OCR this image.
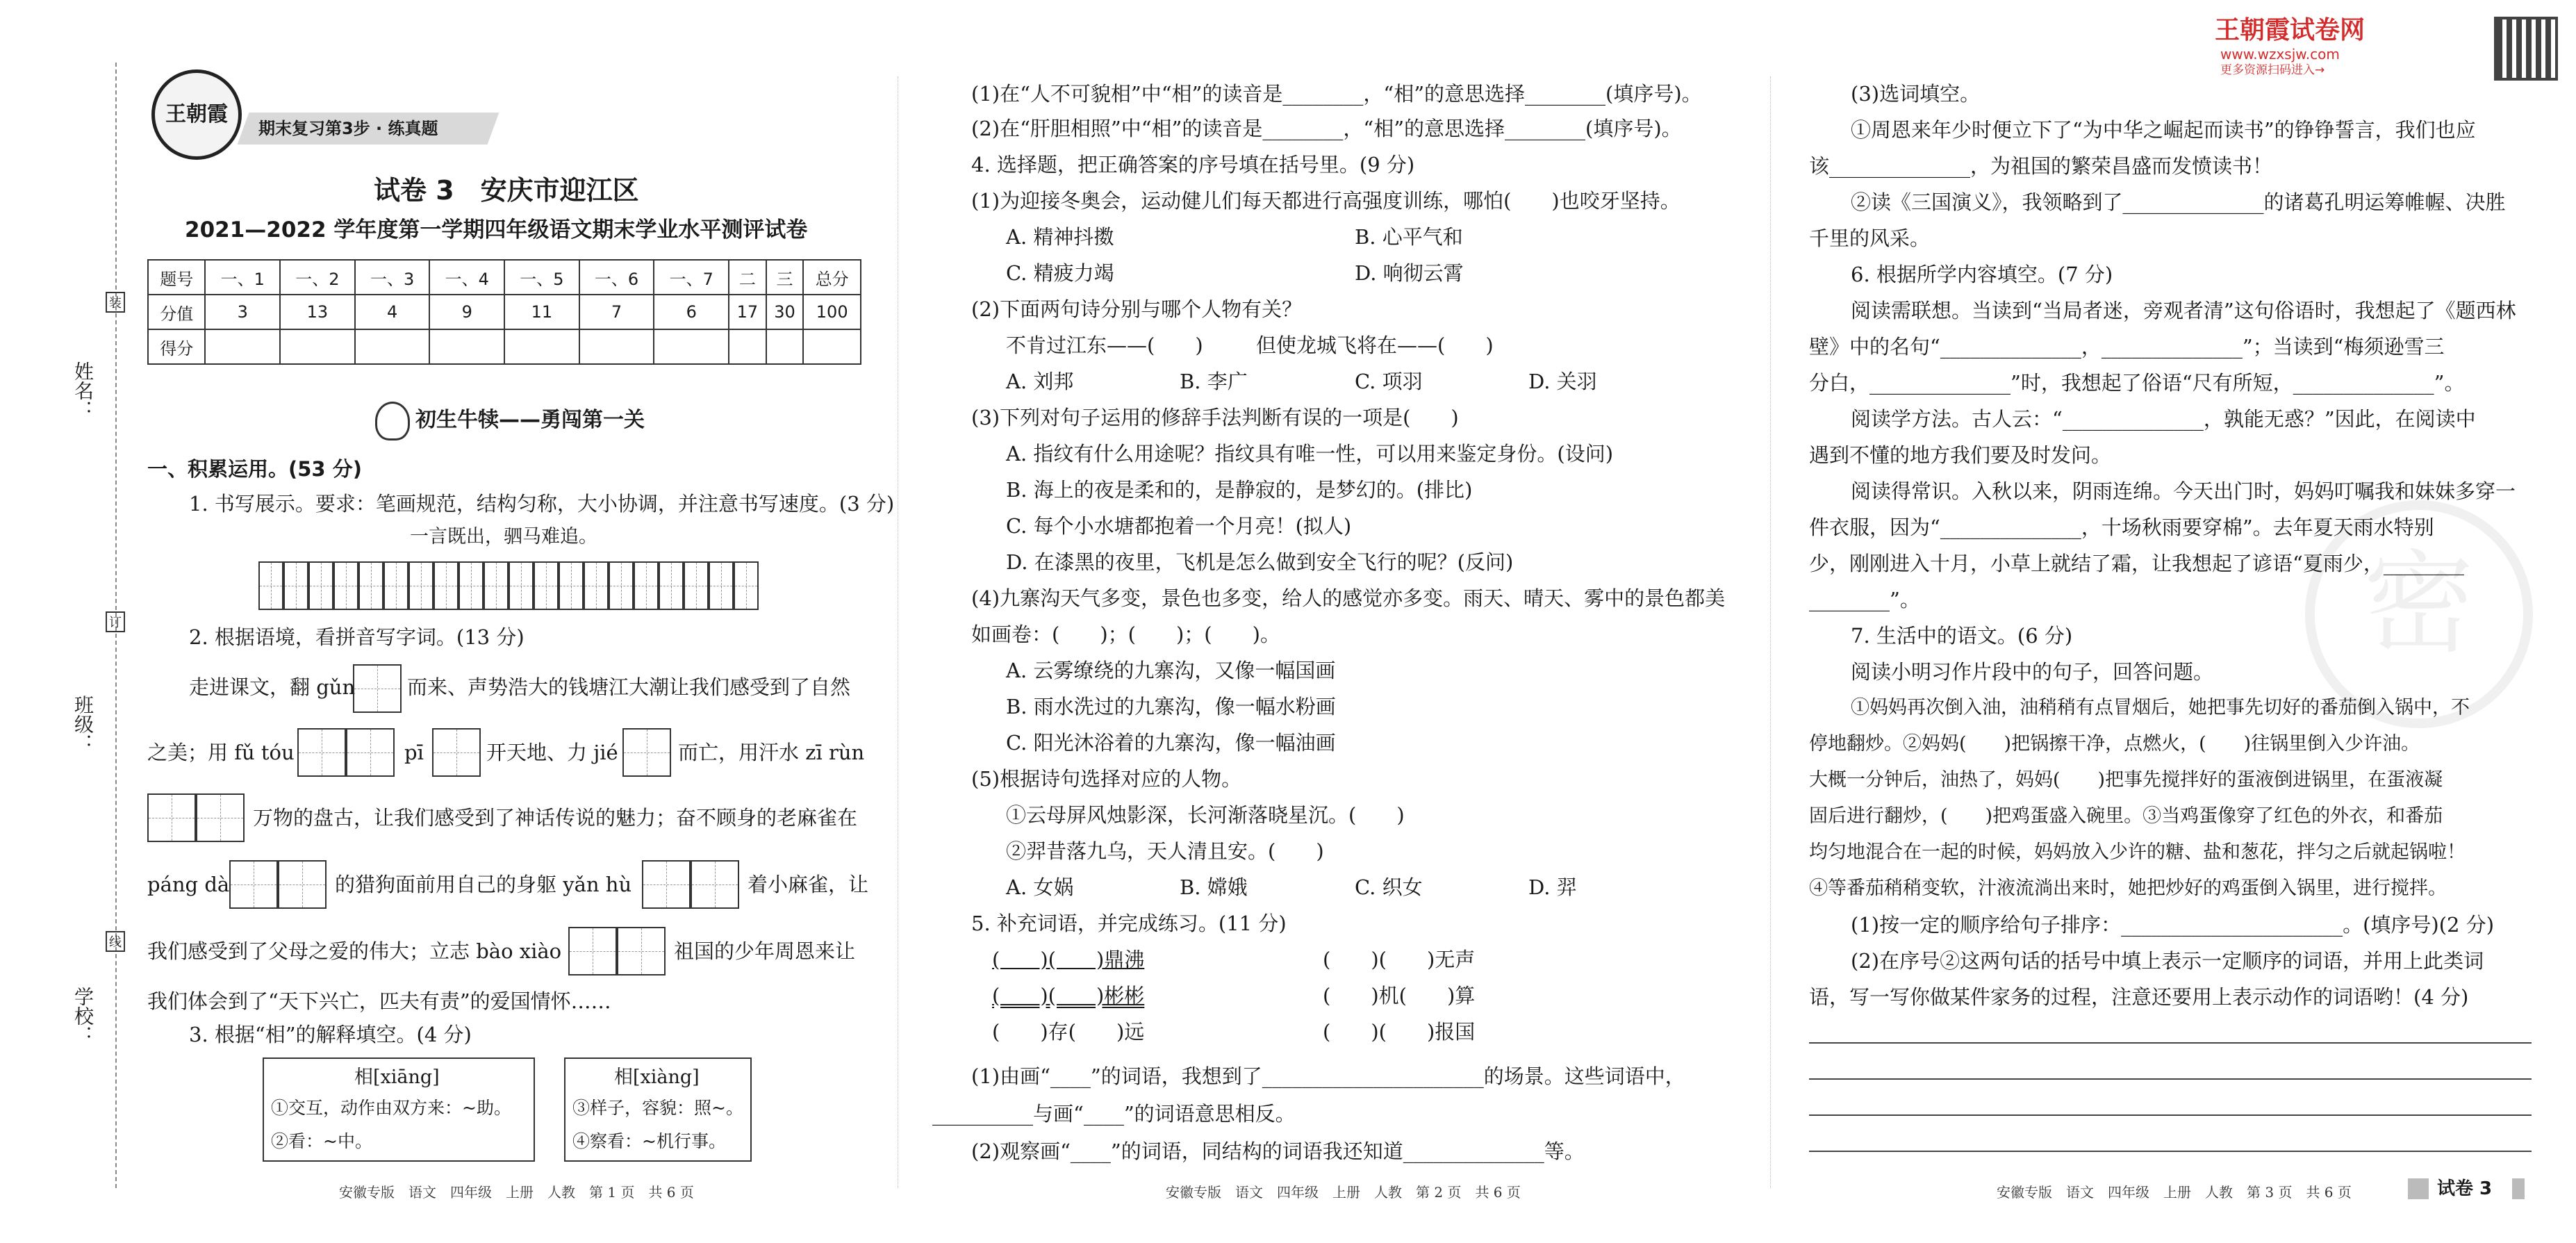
姓名：
班级：
学校：
装
订
线
王朝霞
期末复习第3步 · 练真题
试卷 3　安庆市迎江区
2021—2022 学年度第一学期四年级语文期末学业水平测评试卷
题号	一、1	一、2	一、3	一、4	一、5	一、6	一、7	二	三	总分
分值	3	13	4	9	11	7	6	17	30	100
得分										
初生牛犊——勇闯第一关
一、积累运用。(53 分)
1. 书写展示。要求：笔画规范，结构匀称，大小协调，并注意书写速度。(3 分)
一言既出，驷马难追。
2. 根据语境，看拼音写字词。(13 分)
走进课文，翻 gǔn	而来、声势浩大的钱塘江大潮让我们感受到了自然
之美；用 fǔ tóu	pī	开天地、力 jié	而亡，用汗水 zī rùn
万物的盘古，让我们感受到了神话传说的魅力；奋不顾身的老麻雀在
páng dà	的猎狗面前用自己的身躯 yǎn hù	着小麻雀，让
我们感受到了父母之爱的伟大；立志 bào xiào	祖国的少年周恩来让
我们体会到了“天下兴亡，匹夫有责”的爱国情怀……
3. 根据“相”的解释填空。(4 分)
相[xiāng]
①交互，动作由双方来：~助。
②看：~中。
相[xiàng]
③样子，容貌：照~。
④察看：~机行事。
安徽专版　语文　四年级　上册　人教　第 1 页　共 6 页
(1)在“人不可貌相”中“相”的读音是________，“相”的意思选择________(填序号)。
(2)在“肝胆相照”中“相”的读音是________，“相”的意思选择________(填序号)。
4. 选择题，把正确答案的序号填在括号里。(9 分)
(1)为迎接冬奥会，运动健儿们每天都进行高强度训练，哪怕(　　)也咬牙坚持。
A. 精神抖擞	B. 心平气和
C. 精疲力竭	D. 响彻云霄
(2)下面两句诗分别与哪个人物有关？
不肯过江东——(　　)	但使龙城飞将在——(　　)
A. 刘邦	B. 李广	C. 项羽	D. 关羽
(3)下列对句子运用的修辞手法判断有误的一项是(　　)
A. 指纹有什么用途呢？指纹具有唯一性，可以用来鉴定身份。(设问)
B. 海上的夜是柔和的，是静寂的，是梦幻的。(排比)
C. 每个小水塘都抱着一个月亮！(拟人)
D. 在漆黑的夜里，飞机是怎么做到安全飞行的呢？(反问)
(4)九寨沟天气多变，景色也多变，给人的感觉亦多变。雨天、晴天、雾中的景色都美
如画卷：(　　)；(　　)；(　　)。
A. 云雾缭绕的九寨沟，又像一幅国画
B. 雨水洗过的九寨沟，像一幅水粉画
C. 阳光沐浴着的九寨沟，像一幅油画
(5)根据诗句选择对应的人物。
①云母屏风烛影深，长河渐落晓星沉。(　　)
②羿昔落九乌，天人清且安。(　　)
A. 女娲	B. 嫦娥	C. 织女	D. 羿
5. 补充词语，并完成练习。(11 分)
(　　)(　　)鼎沸	(　　)(　　)无声
(　　)(　　)彬彬	(　　)机(　　)算
(　　)存(　　)远	(　　)(　　)报国
(1)由画“____”的词语，我想到了______________________的场景。这些词语中，
__________与画“____”的词语意思相反。
(2)观察画“____”的词语，同结构的词语我还知道______________等。
安徽专版　语文　四年级　上册　人教　第 2 页　共 6 页
王朝霞试卷网
www.wzxsjw.com
更多资源扫码进入→
(3)选词填空。
①周恩来年少时便立下了“为中华之崛起而读书”的铮铮誓言，我们也应
该______________，为祖国的繁荣昌盛而发愤读书！
②读《三国演义》，我领略到了______________的诸葛孔明运筹帷幄、决胜
千里的风采。
6. 根据所学内容填空。(7 分)
阅读需联想。当读到“当局者迷，旁观者清”这句俗语时，我想起了《题西林
壁》中的名句“______________，______________”；当读到“梅须逊雪三
分白，______________”时，我想起了俗语“尺有所短，______________”。
阅读学方法。古人云：“______________，孰能无惑？”因此，在阅读中
遇到不懂的地方我们要及时发问。
阅读得常识。入秋以来，阴雨连绵。今天出门时，妈妈叮嘱我和妹妹多穿一
件衣服，因为“______________，十场秋雨要穿棉”。去年夏天雨水特别
少，刚刚进入十月，小草上就结了霜，让我想起了谚语“夏雨少，________
________”。
7. 生活中的语文。(6 分)
阅读小明习作片段中的句子，回答问题。
①妈妈再次倒入油，油稍稍有点冒烟后，她把事先切好的番茄倒入锅中，不
停地翻炒。②妈妈(　　)把锅擦干净，点燃火，(　　)往锅里倒入少许油。
大概一分钟后，油热了，妈妈(　　)把事先搅拌好的蛋液倒进锅里，在蛋液凝
固后进行翻炒，(　　)把鸡蛋盛入碗里。③当鸡蛋像穿了红色的外衣，和番茄
均匀地混合在一起的时候，妈妈放入少许的糖、盐和葱花，拌匀之后就起锅啦！
④等番茄稍稍变软，汁液流淌出来时，她把炒好的鸡蛋倒入锅里，进行搅拌。
(1)按一定的顺序给句子排序：______________________。(填序号)(2 分)
(2)在序号②这两句话的括号中填上表示一定顺序的词语，并用上此类词
语，写一写你做某件家务的过程，注意还要用上表示动作的词语哟！(4 分)
密
安徽专版　语文　四年级　上册　人教　第 3 页　共 6 页	试卷 3
